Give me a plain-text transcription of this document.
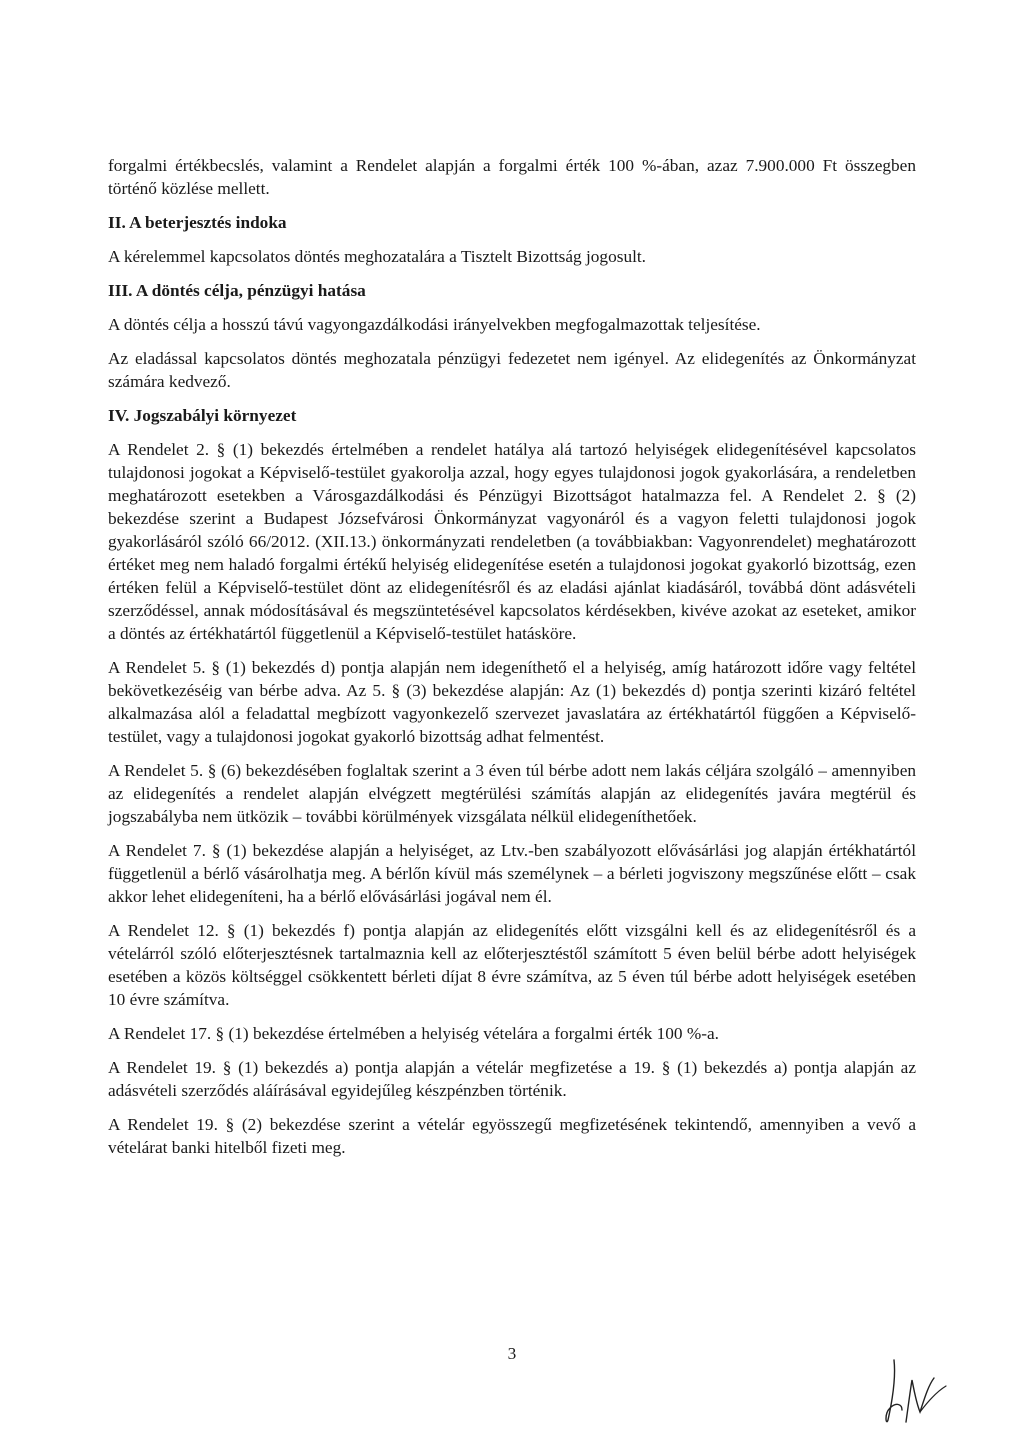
forgalmi értékbecslés, valamint a Rendelet alapján a forgalmi érték 100 %-ában, azaz 7.900.000 Ft összegben történő közlése mellett.

II. A beterjesztés indoka

A kérelemmel kapcsolatos döntés meghozatalára a Tisztelt Bizottság jogosult.

III. A döntés célja, pénzügyi hatása

A döntés célja a hosszú távú vagyongazdálkodási irányelvekben megfogalmazottak teljesítése.

Az eladással kapcsolatos döntés meghozatala pénzügyi fedezetet nem igényel. Az elidegenítés az Önkormányzat számára kedvező.

IV. Jogszabályi környezet

A Rendelet 2. § (1) bekezdés értelmében a rendelet hatálya alá tartozó helyiségek elidegenítésével kapcsolatos tulajdonosi jogokat a Képviselő-testület gyakorolja azzal, hogy egyes tulajdonosi jogok gyakorlására, a rendeletben meghatározott esetekben a Városgazdálkodási és Pénzügyi Bizottságot hatalmazza fel. A Rendelet 2. § (2) bekezdése szerint a Budapest Józsefvárosi Önkormányzat vagyonáról és a vagyon feletti tulajdonosi jogok gyakorlásáról szóló 66/2012. (XII.13.) önkormányzati rendeletben (a továbbiakban: Vagyonrendelet) meghatározott értéket meg nem haladó forgalmi értékű helyiség elidegenítése esetén a tulajdonosi jogokat gyakorló bizottság, ezen értéken felül a Képviselő-testület dönt az elidegenítésről és az eladási ajánlat kiadásáról, továbbá dönt adásvételi szerződéssel, annak módosításával és megszüntetésével kapcsolatos kérdésekben, kivéve azokat az eseteket, amikor a döntés az értékhatártól függetlenül a Képviselő-testület hatásköre.

A Rendelet 5. § (1) bekezdés d) pontja alapján nem idegeníthető el a helyiség, amíg határozott időre vagy feltétel bekövetkezéséig van bérbe adva. Az 5. § (3) bekezdése alapján: Az (1) bekezdés d) pontja szerinti kizáró feltétel alkalmazása alól a feladattal megbízott vagyonkezelő szervezet javaslatára az értékhatártól függően a Képviselő-testület, vagy a tulajdonosi jogokat gyakorló bizottság adhat felmentést.

A Rendelet 5. § (6) bekezdésében foglaltak szerint a 3 éven túl bérbe adott nem lakás céljára szolgáló – amennyiben az elidegenítés a rendelet alapján elvégzett megtérülési számítás alapján az elidegenítés javára megtérül és jogszabályba nem ütközik – további körülmények vizsgálata nélkül elidegeníthetőek.

A Rendelet 7. § (1) bekezdése alapján a helyiséget, az Ltv.-ben szabályozott elővásárlási jog alapján értékhatártól függetlenül a bérlő vásárolhatja meg. A bérlőn kívül más személynek – a bérleti jogviszony megszűnése előtt – csak akkor lehet elidegeníteni, ha a bérlő elővásárlási jogával nem él.

A Rendelet 12. § (1) bekezdés f) pontja alapján az elidegenítés előtt vizsgálni kell és az elidegenítésről és a vételárról szóló előterjesztésnek tartalmaznia kell az előterjesztéstől számított 5 éven belül bérbe adott helyiségek esetében a közös költséggel csökkentett bérleti díjat 8 évre számítva, az 5 éven túl bérbe adott helyiségek esetében 10 évre számítva.

A Rendelet 17. § (1) bekezdése értelmében a helyiség vételára a forgalmi érték 100 %-a.

A Rendelet 19. § (1) bekezdés a) pontja alapján a vételár megfizetése a 19. § (1) bekezdés a) pontja alapján az adásvételi szerződés aláírásával egyidejűleg készpénzben történik.

A Rendelet 19. § (2) bekezdése szerint a vételár egyösszegű megfizetésének tekintendő, amennyiben a vevő a vételárat banki hitelből fizeti meg.

3
